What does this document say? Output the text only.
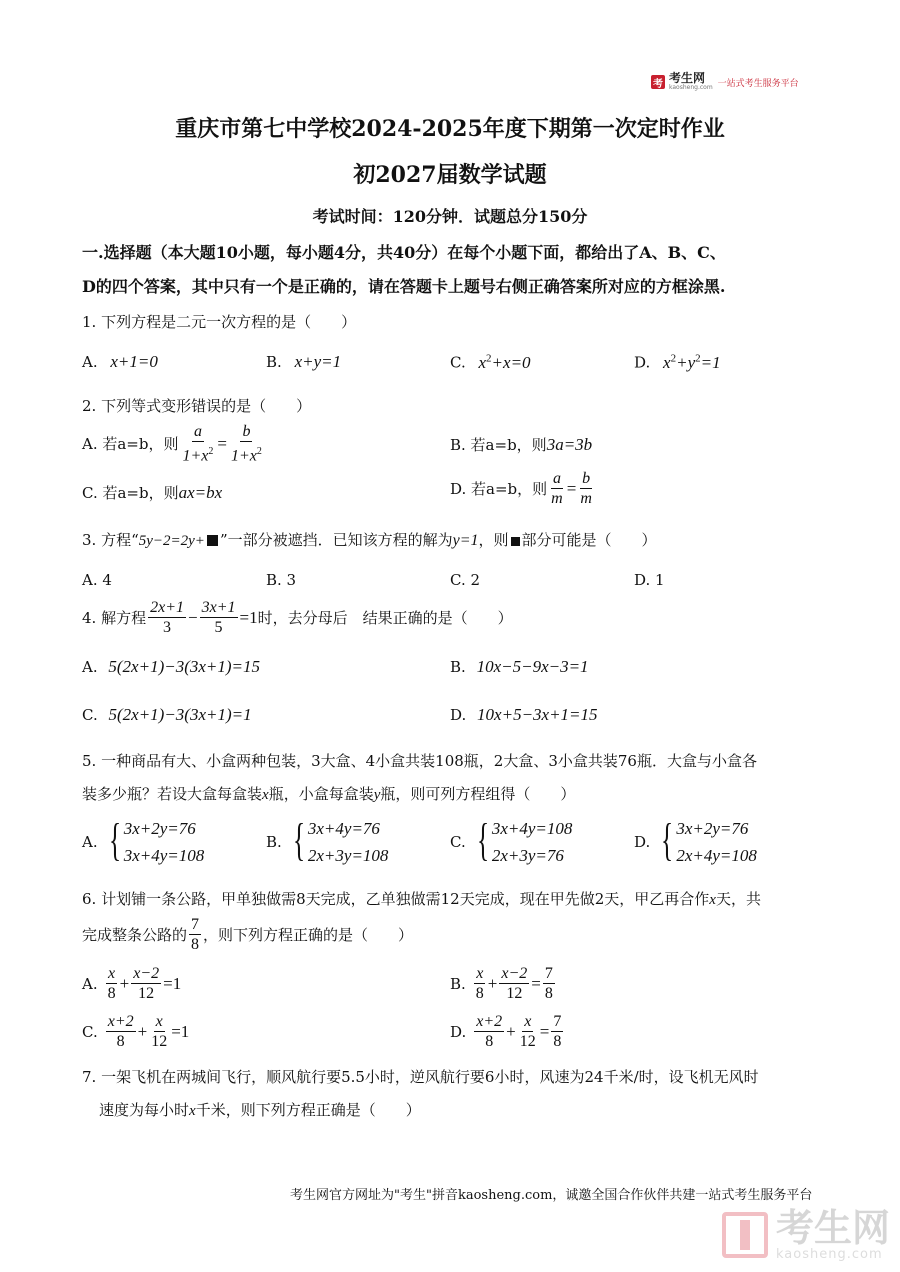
考 考生网
kaosheng.com 一站式考生服务平台
重庆市第七中学校2024-2025年度下期第一次定时作业
初2027届数学试题
考试时间：120分钟．试题总分150分
一.选择题（本大题10小题，每小题4分，共40分）在每个小题下面，都给出了A、B、C、
D的四个答案，其中只有一个是正确的，请在答题卡上题号右侧正确答案所对应的方框涂黑.
1. 下列方程是二元一次方程的是（　　）
A. x+1=0	B. x+y=1	C. $x^2+x=0$	D. $x^2+y^2=1$
2. 下列等式变形错误的是（　　）
A. 若a=b，则 $\frac{a}{1+x^2} = \frac{b}{1+x^2}$	B. 若a=b，则3a=3b
C. 若a=b，则ax=bx	D. 若a=b，则 $\frac{a}{m} = \frac{b}{m}$
3. 方程“5y−2=2y+ ”一部分被遮挡．已知该方程的解为y=1，则 部分可能是（　　）
A. 4	B. 3	C. 2	D. 1
4. 解方程 $\frac{2x+1}{3} - \frac{3x+1}{5} =1$ 时，去分母后　结果正确的是（　　）
A. 5(2x+1)−3(3x+1)=15	B. 10x−5−9x−3=1
C. 5(2x+1)−3(3x+1)=1	D. 10x+5−3x+1=15
5. 一种商品有大、小盒两种包装，3大盒、4小盒共装108瓶，2大盒、3小盒共装76瓶．大盒与小盒各
装多少瓶？若设大盒每盒装x瓶，小盒每盒装y瓶，则可列方程组得（　　）
A. { 3x+2y=76
3x+4y=108
B. { 3x+4y=76
2x+3y=108
C. { 3x+4y=108
2x+3y=76
D. { 3x+2y=76
2x+4y=108
6. 计划铺一条公路，甲单独做需8天完成，乙单独做需12天完成，现在甲先做2天，甲乙再合作x天，共
完成整条公路的 $\frac{7}{8}$ ，则下列方程正确的是（　　）
A. $\frac{x}{8} + \frac{x-2}{12} =1$	B. $\frac{x}{8} + \frac{x-2}{12} = \frac{7}{8}$
C. $\frac{x+2}{8} + \frac{x}{12} =1$	D. $\frac{x+2}{8} + \frac{x}{12} = \frac{7}{8}$
7. 一架飞机在两城间飞行，顺风航行要5.5小时，逆风航行要6小时，风速为24千米/时，设飞机无风时
速度为每小时x千米，则下列方程正确是（　　）
考生网官方网址为"考生"拼音kaosheng.com，诚邀全国合作伙伴共建一站式考生服务平台
考生网
kaosheng.com
